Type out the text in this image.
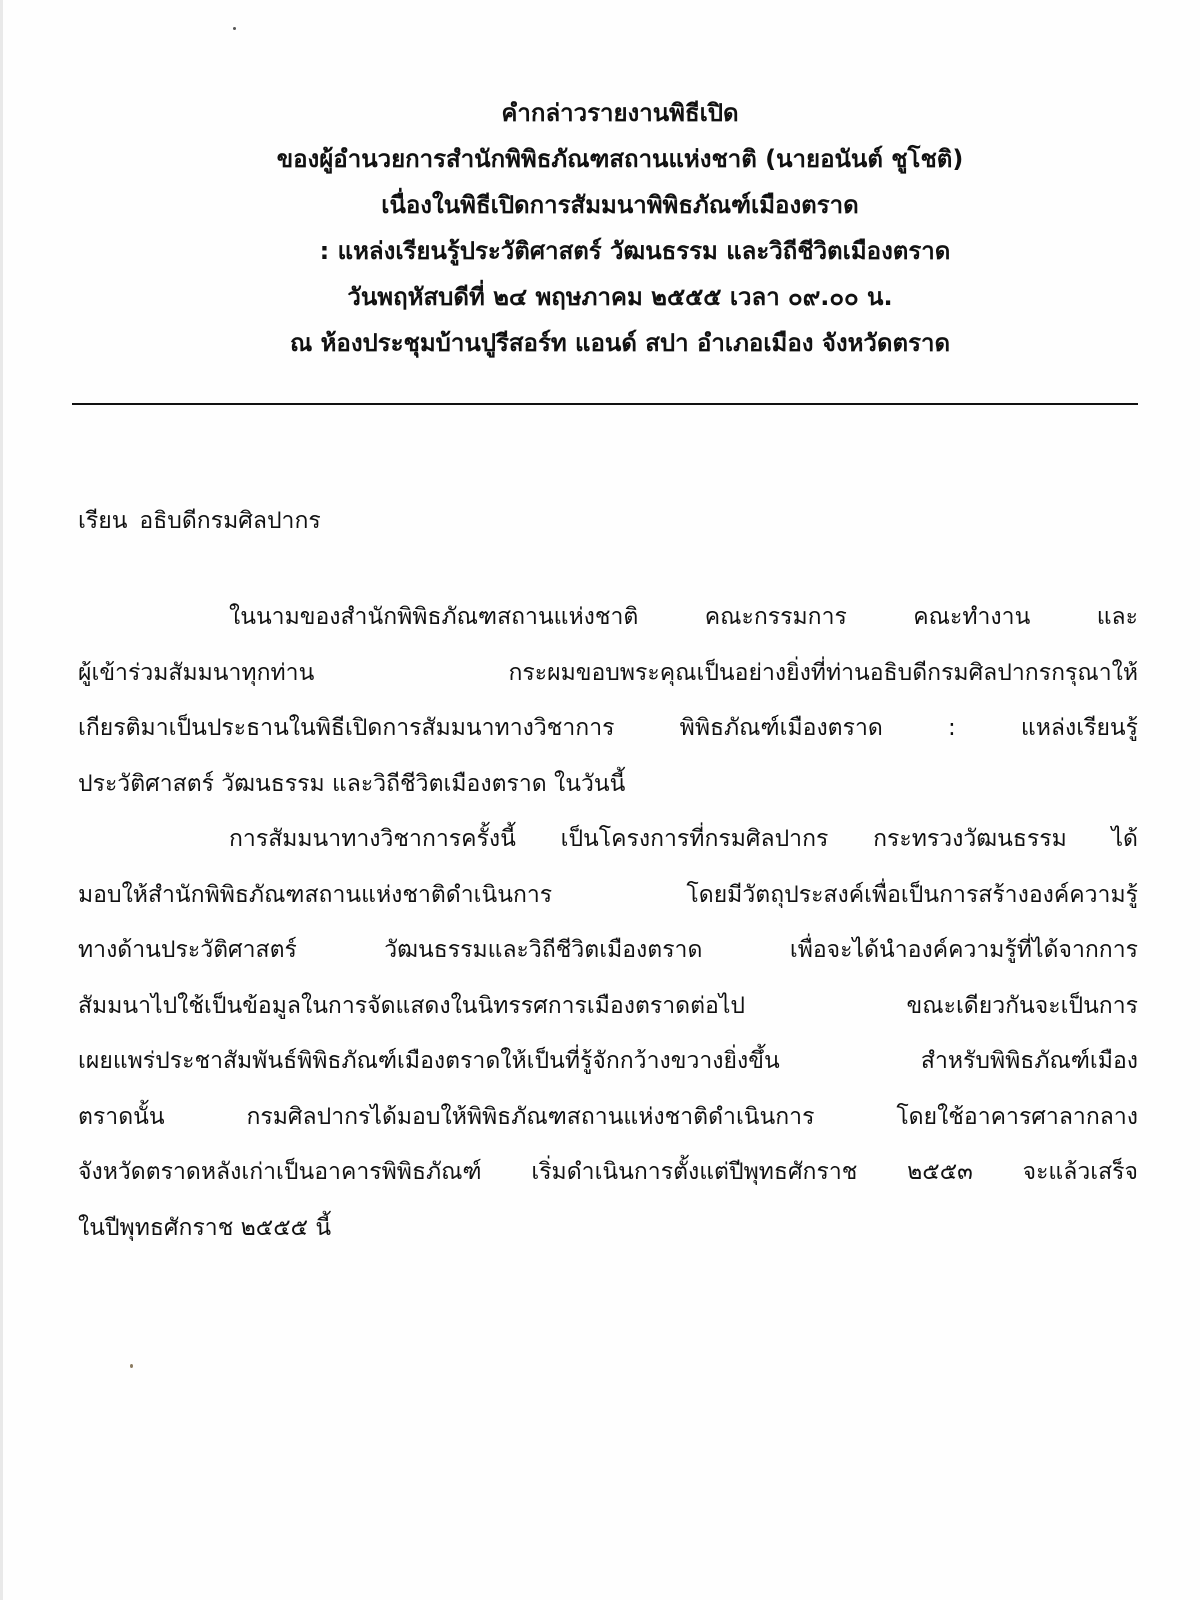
คำกล่าวรายงานพิธีเปิด
ของผู้อำนวยการสำนักพิพิธภัณฑสถานแห่งชาติ (นายอนันต์ ชูโชติ)
เนื่องในพิธีเปิดการสัมมนาพิพิธภัณฑ์เมืองตราด
: แหล่งเรียนรู้ประวัติศาสตร์ วัฒนธรรม และวิถีชีวิตเมืองตราด
วันพฤหัสบดีที่ ๒๔ พฤษภาคม ๒๕๕๕ เวลา ๐๙.๐๐ น.
ณ ห้องประชุมบ้านปูรีสอร์ท แอนด์ สปา อำเภอเมือง จังหวัดตราด
เรียน อธิบดีกรมศิลปากร
ในนามของสำนักพิพิธภัณฑสถานแห่งชาติ คณะกรรมการ คณะทำงาน และ
ผู้เข้าร่วมสัมมนาทุกท่าน กระผมขอบพระคุณเป็นอย่างยิ่งที่ท่านอธิบดีกรมศิลปากรกรุณาให้
เกียรติมาเป็นประธานในพิธีเปิดการสัมมนาทางวิชาการ พิพิธภัณฑ์เมืองตราด : แหล่งเรียนรู้
ประวัติศาสตร์ วัฒนธรรม และวิถีชีวิตเมืองตราด ในวันนี้
การสัมมนาทางวิชาการครั้งนี้ เป็นโครงการที่กรมศิลปากร กระทรวงวัฒนธรรม ได้
มอบให้สำนักพิพิธภัณฑสถานแห่งชาติดำเนินการ โดยมีวัตถุประสงค์เพื่อเป็นการสร้างองค์ความรู้
ทางด้านประวัติศาสตร์ วัฒนธรรมและวิถีชีวิตเมืองตราด เพื่อจะได้นำองค์ความรู้ที่ได้จากการ
สัมมนาไปใช้เป็นข้อมูลในการจัดแสดงในนิทรรศการเมืองตราดต่อไป ขณะเดียวกันจะเป็นการ
เผยแพร่ประชาสัมพันธ์พิพิธภัณฑ์เมืองตราดให้เป็นที่รู้จักกว้างขวางยิ่งขึ้น สำหรับพิพิธภัณฑ์เมือง
ตราดนั้น กรมศิลปากรได้มอบให้พิพิธภัณฑสถานแห่งชาติดำเนินการ โดยใช้อาคารศาลากลาง
จังหวัดตราดหลังเก่าเป็นอาคารพิพิธภัณฑ์ เริ่มดำเนินการตั้งแต่ปีพุทธศักราช ๒๕๕๓ จะแล้วเสร็จ
ในปีพุทธศักราช ๒๕๕๕ นี้
